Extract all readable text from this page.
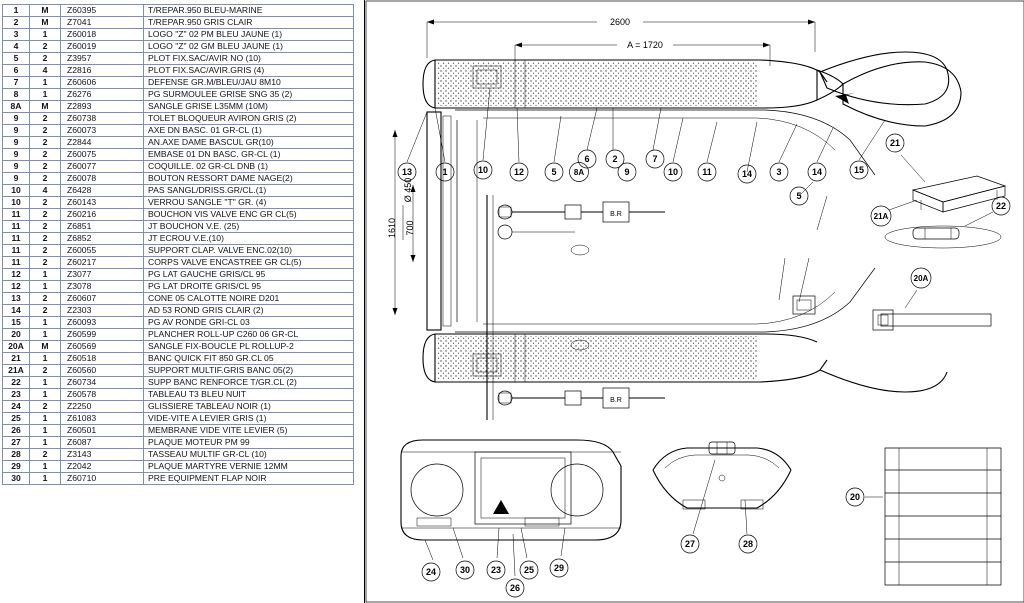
1	M	Z60395	T/REPAR.950 BLEU-MARINE
2	M	Z7041	T/REPAR.950 GRIS CLAIR
3	1	Z60018	LOGO "Z" 02 PM BLEU JAUNE (1)
4	2	Z60019	LOGO "Z" 02 GM BLEU JAUNE (1)
5	2	Z3957	PLOT FIX.SAC/AVIR NO (10)
6	4	Z2816	PLOT FIX.SAC/AVIR.GRIS (4)
7	1	Z60606	DEFENSE GR.M/BLEU/JAU 8M10
8	1	Z6276	PG SURMOULEE GRISE SNG 35 (2)
8A	M	Z2893	SANGLE GRISE L35MM (10M)
9	2	Z60738	TOLET BLOQUEUR AVIRON GRIS (2)
9	2	Z60073	AXE DN BASC. 01 GR-CL (1)
9	2	Z2844	AN.AXE DAME BASCUL GR(10)
9	2	Z60075	EMBASE 01 DN BASC. GR-CL (1)
9	2	Z60077	COQUILLE. 02 GR-CL DNB (1)
9	2	Z60078	BOUTON RESSORT DAME NAGE(2)
10	4	Z6428	PAS SANGL/DRISS.GR/CL.(1)
10	2	Z60143	VERROU SANGLE "T" GR. (4)
11	2	Z60216	BOUCHON VIS VALVE ENC GR CL(5)
11	2	Z6851	JT BOUCHON V.E. (25)
11	2	Z6852	JT ECROU V.E.(10)
11	2	Z60055	SUPPORT CLAP. VALVE ENC.02(10)
11	2	Z60217	CORPS VALVE ENCASTREE GR CL(5)
12	1	Z3077	PG LAT GAUCHE GRIS/CL 95
12	1	Z3078	PG LAT DROITE GRIS/CL 95
13	2	Z60607	CONE 05 CALOTTE NOIRE D201
14	2	Z2303	AD 53 ROND GRIS CLAIR (2)
15	1	Z60093	PG AV RONDE GRI-CL 03
20	1	Z60599	PLANCHER ROLL-UP C260 06 GR-CL
20A	M	Z60569	SANGLE FIX-BOUCLE PL ROLLUP-2
21	1	Z60518	BANC QUICK FIT 850 GR.CL 05
21A	2	Z60560	SUPPORT MULTIF.GRIS BANC 05(2)
22	1	Z60734	SUPP BANC RENFORCE T/GR.CL (2)
23	1	Z60578	TABLEAU T3 BLEU NUIT
24	2	Z2250	GLISSIERE TABLEAU NOIR (1)
25	1	Z61083	VIDE-VITE A LEVIER GRIS (1)
26	1	Z60501	MEMBRANE VIDE VITE LEVIER (5)
27	1	Z6087	PLAQUE MOTEUR PM 99
28	2	Z3143	TASSEAU MULTIF GR-CL (10)
29	1	Z2042	PLAQUE MARTYRE VERNIE 12MM
30	1	Z60710	PRE EQUIPMENT FLAP NOIR
2600
A = 1720
B.R
B.R
1610 700
Ø 450
13	1	10	12
6	2	7
14	15
5 8A	9	10	11
5
3	14
21
21A
22
20A
20
24	30 23	25
26
29
27	28
